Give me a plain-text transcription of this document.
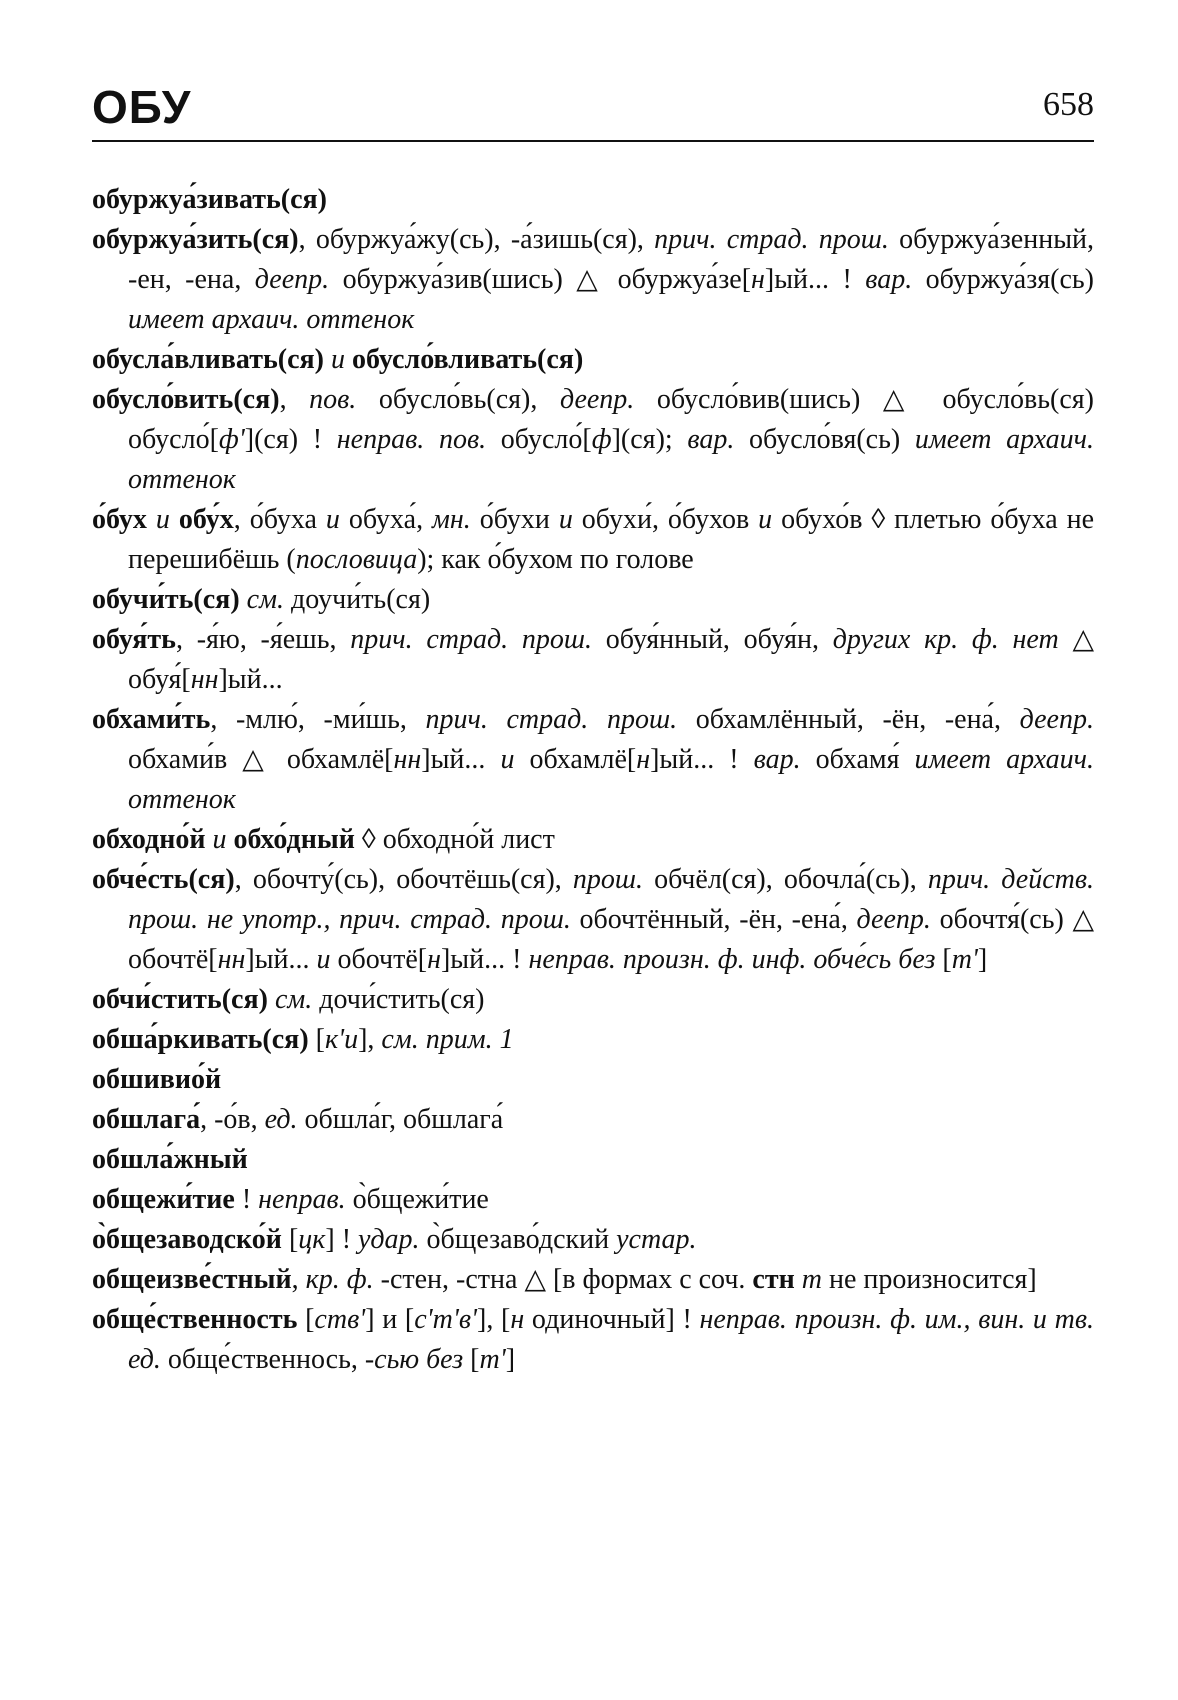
ОБУ	658

обуржуа́зивать(ся)

обуржуа́зить(ся), обуржуа́жу(сь), -а́зишь(ся), прич. страд. прош. обуржуа́зенный, -ен, -ена, деепр. обуржуа́зив(шись) △ обуржуа́зе[н]ый... ! вар. обуржуа́зя(сь) имеет архаич. оттенок

обусла́вливать(ся) и обусло́вливать(ся)

обусло́вить(ся), пов. обусло́вь(ся), деепр. обусло́вив(шись) △ обусло́вь(ся) обусло́[ф'](ся) ! неправ. пов. обусло́[ф](ся); вар. обусло́вя(сь) имеет архаич. оттенок

о́бух и обу́х, о́буха и обуха́, мн. о́бухи и обухи́, о́бухов и обухо́в ◊ плетью о́буха не перешибёшь (пословица); как о́бухом по голове

обучи́ть(ся) см. доучи́ть(ся)

обуя́ть, -я́ю, -я́ешь, прич. страд. прош. обуя́нный, обуя́н, других кр. ф. нет △ обуя́[нн]ый...

обхами́ть, -млю́, -ми́шь, прич. страд. прош. обхамлённый, -ён, -ена́, деепр. обхами́в △ обхамлё[нн]ый... и обхамлё[н]ый... ! вар. обхамя́ имеет архаич. оттенок

обходно́й и обхо́дный ◊ обходно́й лист

обче́сть(ся), обочту́(сь), обочтёшь(ся), прош. обчёл(ся), обочла́(сь), прич. действ. прош. не употр., прич. страд. прош. обочтённый, -ён, -ена́, деепр. обочтя́(сь) △ обочтё[нн]ый... и обочтё[н]ый... ! неправ. произн. ф. инф. обче́сь без [т']

обчи́стить(ся) см. дочи́стить(ся)

обша́ркивать(ся) [к'и], см. прим. 1

обшивио́й

обшлага́, -о́в, ед. обшла́г, обшлага́

обшла́жный

общежи́тие ! неправ. о̀бщежи́тие

о̀бщезаводско́й [цк] ! удар. о̀бщезаво́дский устар.

общеизве́стный, кр. ф. -стен, -стна △ [в формах с соч. стн т не произносится]

обще́ственность [ств'] и [с'т'в'], [н одиночный] ! неправ. произн. ф. им., вин. и тв. ед. обще́ственнось, -сью без [т']
